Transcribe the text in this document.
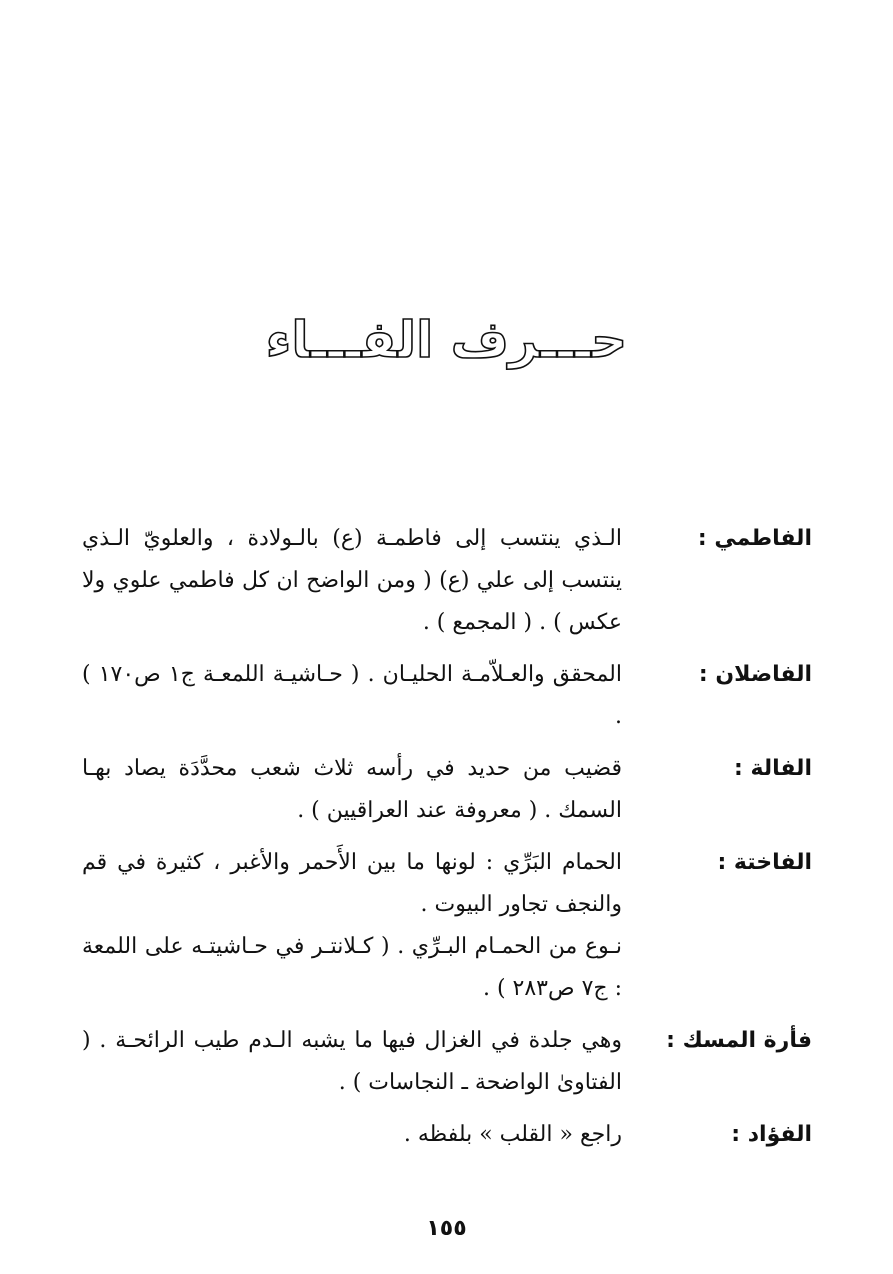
حـــرف الفـــاء
الفاطمي :
الـذي ينتسب إلى فاطمـة (ع) بالـولادة ، والعلويّ الـذي ينتسب إلى علي (ع) ( ومن الواضح ان كل فاطمي علوي ولا عكس ) . ( المجمع ) .
الفاضلان :
المحقق والعـلاّمـة الحليـان . ( حـاشيـة اللمعـة ج١ ص١٧٠ ) .
الفالة :
قضيب من حديد في رأسه ثلاث شعب محدَّدَة يصاد بهـا السمك . ( معروفة عند العراقيين ) .
الفاختة :
الحمام البَرِّي : لونها ما بين الأَحمر والأغبر ، كثيرة في قم والنجف تجاور البيوت .
نـوع من الحمـام البـرِّي . ( كـلانتـر في حـاشيتـه على اللمعة : ج٧ ص٢٨٣ ) .
فأرة المسك :
وهي جلدة في الغزال فيها ما يشبه الـدم طيب الرائحـة . ( الفتاوىٰ الواضحة ـ النجاسات ) .
الفؤاد :
راجع « القلب » بلفظه .
١٥٥
